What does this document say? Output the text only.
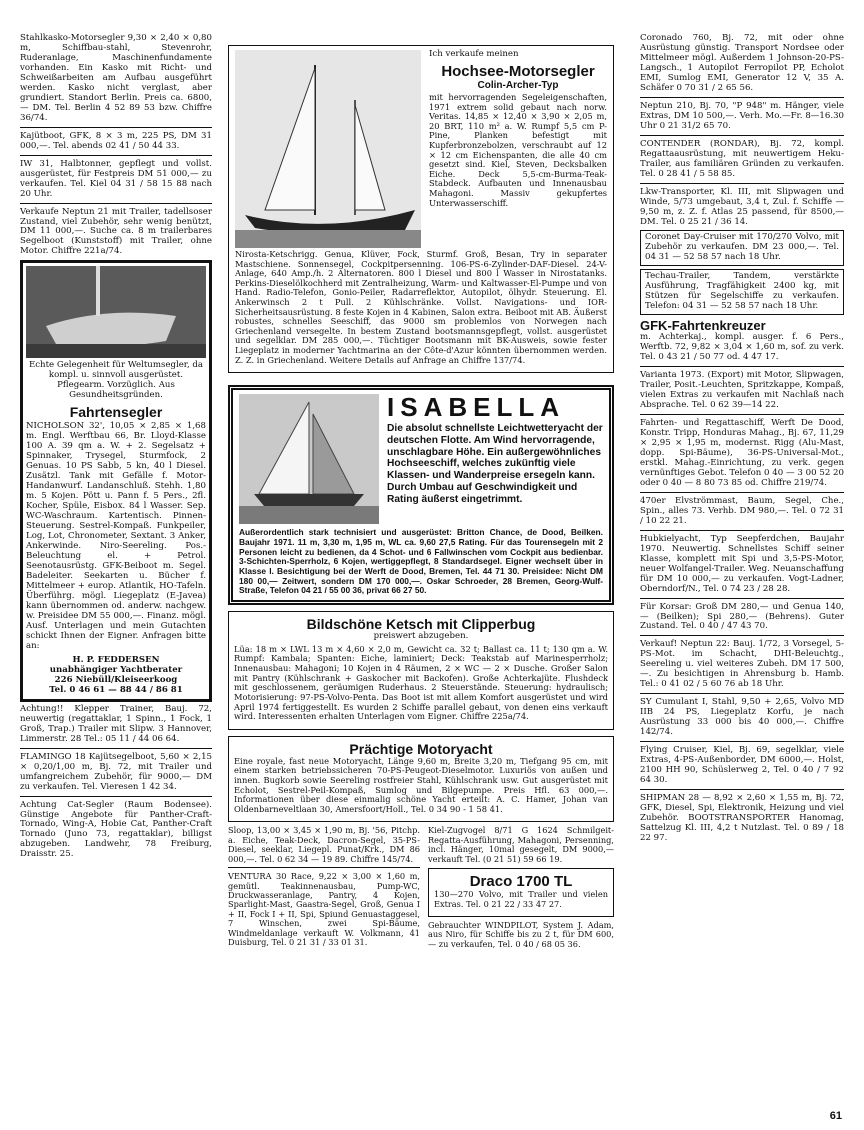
Stahlkasko-Motorsegler 9,30 × 2,40 × 0,80 m, Schiffbau-stahl, Stevenrohr, Ruderanlage, Maschinenfundamente vorhanden. Ein Kasko mit Richt- und Schweißarbeiten am Aufbau ausgeführt werden. Kasko nicht verglast, aber grundiert. Standort Berlin. Preis ca. 6800,— DM. Tel. Berlin 4 52 89 53 bzw. Chiffre 36/74.

Kajütboot, GFK, 8 × 3 m, 225 PS, DM 31 000,—. Tel. abends 02 41 / 50 44 33.

IW 31, Halbtonner, gepflegt und vollst. ausgerüstet, für Festpreis DM 51 000,— zu verkaufen. Tel. Kiel 04 31 / 58 15 88 nach 20 Uhr.

Verkaufe Neptun 21 mit Trailer, tadellsoser Zustand, viel Zubehör, sehr wenig benützt, DM 11 000,—. Suche ca. 8 m trailerbares Segelboot (Kunststoff) mit Trailer, ohne Motor. Chiffre 221a/74.

Echte Gelegenheit für Weltumsegler, da kompl. u. sinnvoll ausgerüstet. Pflegearm. Vorzüglich. Aus Gesundheitsgründen.

Fahrtensegler

NICHOLSON 32', 10,05 × 2,85 × 1,68 m. Engl. Werftbau 66, Br. Lloyd-Klasse 100 A. 39 qm a. W. + 2. Segelsatz + Spinnaker, Trysegel, Sturmfock, 2 Genuas. 10 PS Sabb, 5 kn, 40 l Diesel. Zusätzl. Tank mit Gefälle f. Motor-Handanwurf. Landanschluß. Stehh. 1,80 m. 5 Kojen. Pött u. Pann f. 5 Pers., 2fl. Kocher, Spüle, Eisbox. 84 l Wasser. Sep. WC-Waschraum. Kartentisch. Pinnen-Steuerung. Sestrel-Kompaß. Funkpeiler, Log, Lot, Chronometer, Sextant. 3 Anker, Ankerwinde. Niro-Seereling. Pos.-Beleuchtung el. + Petrol. Seenotausrüstg. GFK-Beiboot m. Segel. Badeleiter. Seekarten u. Bücher f. Mittelmeer + europ. Atlantik, HO-Tafeln. Überführg. mögl. Liegeplatz (E-Javea) kann übernommen od. anderw. nachgew. w. Preisidee DM 55 000,—. Finanz. mögl. Ausf. Unterlagen und mein Gutachten schickt Ihnen der Eigner. Anfragen bitte an:

H. P. FEDDERSEN
unabhängiger Yachtberater
226 Niebüll/Kleiseerkoog
Tel. 0 46 61 — 88 44 / 86 81

Achtung!! Klepper Trainer, Bauj. 72, neuwertig (regattaklar, 1 Spinn., 1 Fock, 1 Groß, Trap.) Trailer mit Slipw. 3 Hannover, Limmerstr. 28 Tel.: 05 11 / 44 06 64.

FLAMINGO 18 Kajütsegelboot, 5,60 × 2,15 × 0,20/1,00 m, Bj. 72, mit Trailer und umfangreichem Zubehör, für 9000,— DM zu verkaufen. Tel. Vieresen 1 42 34.

Achtung Cat-Segler (Raum Bodensee). Günstige Angebote für Panther-Craft-Tornado, Wing-A, Hobie Cat, Panther-Craft Tornado (Juno 73, regattaklar), billigst abzugeben. Landwehr, 78 Freiburg, Draisstr. 25.

Ich verkaufe meinen
Hochsee-Motorsegler
Colin-Archer-Typ

mit hervorragenden Segeleigenschaften, 1971 extrem solid gebaut nach norw. Veritas. 14,85 × 12,40 × 3,90 × 2,05 m, 20 BRT, 110 m² a. W. Rumpf 5,5 cm P-Pine, Planken befestigt mit Kupferbronzebolzen, verschraubt auf 12 × 12 cm Eichenspanten, die alle 40 cm gesetzt sind. Kiel, Steven, Decksbalken Eiche. Deck 5,5-cm-Burma-Teak-Stabdeck. Aufbauten und Innenausbau Mahagoni. Massiv gekupfertes Unterwasserschiff.

Nirosta-Ketschrigg. Genua, Klüver, Fock, Sturmf. Groß, Besan, Try in separater Mastschiene. Sonnensegel, Cockpitpersenning. 106-PS-6-Zylinder-DAF-Diesel. 24-V-Anlage, 640 Amp./h. 2 Alternatoren. 800 l Diesel und 800 l Wasser in Nirostatanks. Perkins-Dieselölkochherd mit Zentralheizung, Warm- und Kaltwasser-El-Pumpe und von Hand. Radio-Telefon, Gonio-Peiler, Radarreflektor, Autopilot, ölhydr. Steuerung. El. Ankerwinsch 2 t Pull. 2 Kühlschränke. Vollst. Navigations- und IOR-Sicherheitsausrüstung. 8 feste Kojen in 4 Kabinen, Salon extra. Beiboot mit AB. Äußerst robustes, schnelles Seeschiff, das 9000 sm problemlos von Norwegen nach Griechenland versegelte. In bestem Zustand bootsmannsgepflegt, vollst. ausgerüstet und segelklar. DM 285 000,—. Tüchtiger Bootsmann mit BK-Ausweis, sowie fester Liegeplatz in moderner Yachtmarina an der Côte-d'Azur könnten übernommen werden. Z. Z. in Griechenland. Weitere Details auf Anfrage an Chiffre 137/74.

ISABELLA

Die absolut schnellste Leichtwetteryacht der deutschen Flotte. Am Wind hervorragende, unschlagbare Höhe. Ein außergewöhnliches Hochseeschiff, welches zukünftig viele Klassen- und Wanderpreise ersegeln kann. Durch Umbau auf Geschwindigkeit und Rating äußerst eingetrimmt.

Außerordentlich stark technisiert und ausgerüstet: Britton Chance, de Dood, Beilken. Baujahr 1971. 11 m, 3,30 m, 1,95 m, WL ca. 9,60 27,5 Rating. Für das Tourensegeln mit 2 Personen leicht zu bedienen, da 4 Schot- und 6 Fallwinschen vom Cockpit aus bedienbar. 3-Schichten-Sperrholz, 6 Kojen, wertiggepflegt, 8 Standardsegel. Eigner wechselt über in Klasse I. Besichtigung bei der Werft de Dood, Bremen, Tel. 44 71 30. Preisidee: Nicht DM 180 00,— Zeitwert, sondern DM 170 000,—. Oskar Schroeder, 28 Bremen, Georg-Wulf-Straße, Telefon 04 21 / 55 00 36, privat 66 27 50.

Bildschöne Ketsch mit Clipperbug
preiswert abzugeben.

Lüa: 18 m × LWL 13 m × 4,60 × 2,0 m, Gewicht ca. 32 t; Ballast ca. 11 t; 130 qm a. W. Rumpf: Kambala; Spanten: Eiche, laminiert; Deck: Teakstab auf Marinesperrholz; Innenausbau: Mahagoni; 10 Kojen in 4 Räumen, 2 × WC — 2 × Dusche. Großer Salon mit Pantry (Kühlschrank + Gaskocher mit Backofen). Große Achterkajüte. Flushdeck mit geschlossenem, geräumigen Ruderhaus. 2 Steuerstände. Steuerung: hydraulisch; Motorisierung: 97-PS-Volvo-Penta. Das Boot ist mit allem Komfort ausgerüstet und wird April 1974 fertiggestellt. Es wurden 2 Schiffe parallel gebaut, von denen eins verkauft wird. Interessenten erhalten Unterlagen vom Eigner. Chiffre 225a/74.

Prächtige Motoryacht

Eine royale, fast neue Motoryacht, Länge 9,60 m, Breite 3,20 m, Tiefgang 95 cm, mit einem starken betriebssicheren 70-PS-Peugeot-Dieselmotor. Luxuriös von außen und innen. Bugkorb sowie Seereling rostfreier Stahl, Kühlschrank usw. Gut ausgerüstet mit Echolot, Sestrel-Peil-Kompaß, Sumlog und Bilgepumpe. Preis Hfl. 63 000,—. Informationen über diese einmalig schöne Yacht erteilt: A. C. Hamer, Johan van Oldenbarneveltlaan 30, Amersfoort/Holl., Tel. 0 34 90 - 1 58 41.

Sloop, 13,00 × 3,45 × 1,90 m, Bj. '56, Pitchp. a. Eiche, Teak-Deck, Dacron-Segel, 35-PS-Diesel, seeklar, Liegepl. Punat/Krk., DM 86 000,—. Tel. 0 62 34 — 19 89. Chiffre 145/74.

VENTURA 30 Race, 9,22 × 3,00 × 1,60 m, gemütl. Teakinnenausbau, Pump-WC, Druckwasseranlage, Pantry, 4 Kojen, Sparlight-Mast, Gaastra-Segel, Groß, Genua I + II, Fock I + II, Spi, Spiund Genuastaggesel, 7 Winschen, zwei Spi-Bäume, Windmeldanlage verkauft W. Volkmann, 41 Duisburg, Tel. 0 21 31 / 33 01 31.

Kiel-Zugvogel 8/71 G 1624 Schmilgeit-Regatta-Ausführung, Mahagoni, Persenning, incl. Hänger, 10mal gesegelt, DM 9000,— verkauft Tel. (0 21 51) 59 66 19.

Draco 1700 TL

130—270 Volvo, mit Trailer und vielen Extras. Tel. 0 21 22 / 33 47 27.

Gebrauchter WINDPILOT, System J. Adam, aus Niro, für Schiffe bis zu 2 t, für DM 600,— zu verkaufen, Tel. 0 40 / 68 05 36.

Coronado 760, Bj. 72, mit oder ohne Ausrüstung günstig. Transport Nordsee oder Mittelmeer mögl. Außerdem 1 Johnson-20-PS-Langsch., 1 Autopilot Ferropilot PP, Echolot EMI, Sumlog EMI, Generator 12 V, 35 A. Schäfer 0 70 31 / 2 65 56.

Neptun 210, Bj. 70, "P 948" m. Hänger, viele Extras, DM 10 500,—. Verh. Mo.—Fr. 8—16.30 Uhr 0 21 31/2 65 70.

CONTENDER (RONDAR), Bj. 72, kompl. Regattaausrüstung, mit neuwertigem Heku-Trailer, aus familiären Gründen zu verkaufen. Tel. 0 28 41 / 5 58 85.

Lkw-Transporter, Kl. III, mit Slipwagen und Winde, 5/73 umgebaut, 3,4 t, Zul. f. Schiffe — 9,50 m, z. Z. f. Atlas 25 passend, für 8500,— DM. Tel. 0 25 21 / 36 14.

Coronet Day-Cruiser mit 170/270 Volvo, mit Zubehör zu verkaufen. DM 23 000,—. Tel. 04 31 — 52 58 57 nach 18 Uhr.

Techau-Trailer, Tandem, verstärkte Ausführung, Tragfähigkeit 2400 kg, mit Stützen für Segelschiffe zu verkaufen. Telefon: 04 31 — 52 58 57 nach 18 Uhr.

GFK-Fahrtenkreuzer

m. Achterkaj., kompl. ausger. f. 6 Pers., Werftb. 72, 9,82 × 3,04 × 1,60 m, sof. zu verk. Tel. 0 43 21 / 50 77 od. 4 47 17.

Varianta 1973. (Export) mit Motor, Slipwagen, Trailer, Posit.-Leuchten, Spritzkappe, Kompaß, vielen Extras zu verkaufen mit Nachlaß nach Absprache. Tel. 0 62 39—14 22.

Fahrten- und Regattaschiff, Werft De Dood, Konstr. Tripp, Honduras Mahag., Bj. 67, 11,29 × 2,95 × 1,95 m, modernst. Rigg (Alu-Mast, dopp. Spi-Bäume), 36-PS-Universal-Mot., erstkl. Mahag.-Einrichtung, zu verk. gegen vernünftiges Gebot. Telefon 0 40 — 3 00 52 20 oder 0 40 — 8 80 73 85 od. Chiffre 219/74.

470er Elvströmmast, Baum, Segel, Che., Spin., alles 73. Verhb. DM 980,—. Tel. 0 72 31 / 10 22 21.

Hubkielyacht, Typ Seepferdchen, Baujahr 1970. Neuwertig. Schnellstes Schiff seiner Klasse, komplett mit Spi und 3,5-PS-Motor, neuer Wolfangel-Trailer. Weg. Neuanschaffung für DM 10 000,— zu verkaufen. Vogt-Ladner, Oberndorf/N., Tel. 0 74 23 / 28 28.

Für Korsar: Groß DM 280,— und Genua 140,— (Beilken); Spi 280,— (Behrens). Guter Zustand. Tel. 0 40 / 47 43 70.

Verkauf! Neptun 22: Bauj. 1/72, 3 Vorsegel, 5-PS-Mot. im Schacht, DHI-Beleuchtg., Seereling u. viel weiteres Zubeh. DM 17 500,—. Zu besichtigen in Ahrensburg b. Hamb. Tel.: 0 41 02 / 5 60 76 ab 18 Uhr.

SY Cumulant I, Stahl, 9,50 + 2,65, Volvo MD IIB 24 PS, Liegeplatz Korfu, je nach Ausrüstung 33 000 bis 40 000,—. Chiffre 142/74.

Flying Cruiser, Kiel, Bj. 69, segelklar, viele Extras, 4-PS-Außenborder, DM 6000,—. Holst, 2100 HH 90, Schüslerweg 2, Tel. 0 40 / 7 92 64 30.

SHIPMAN 28 — 8,92 × 2,60 × 1,55 m, Bj. 72, GFK, Diesel, Spi, Elektronik, Heizung und viel Zubehör. BOOTSTRANSPORTER Hanomag, Sattelzug Kl. III, 4,2 t Nutzlast. Tel. 0 89 / 18 22 97.

61
